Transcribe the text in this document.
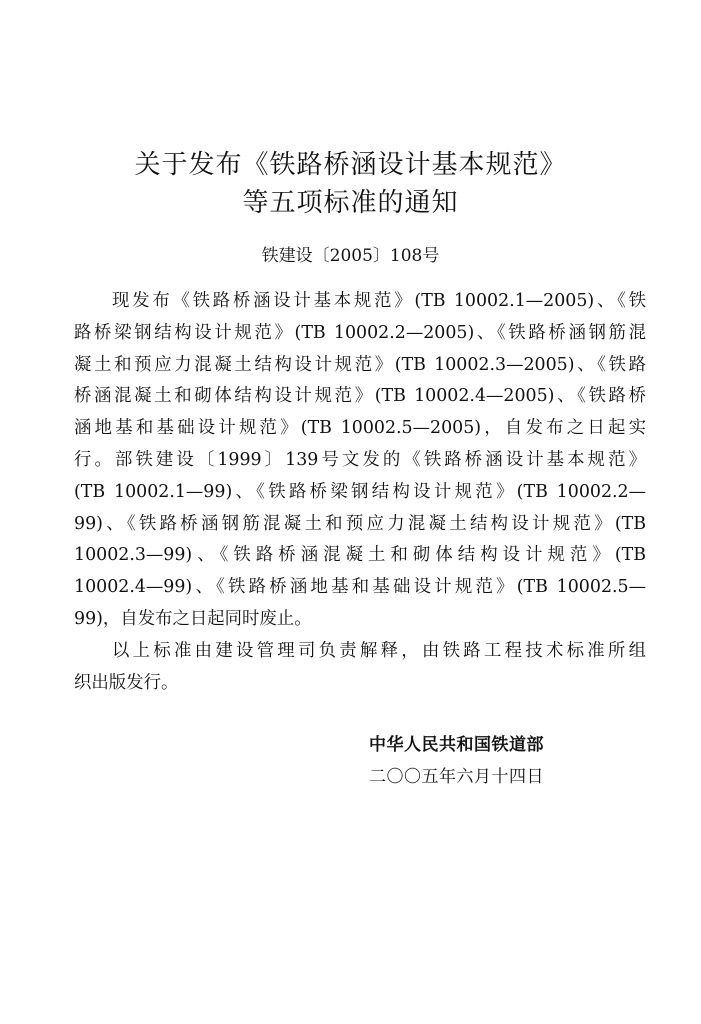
关于发布《铁路桥涵设计基本规范》
等五项标准的通知
铁建设〔2005〕108号

现发布《铁路桥涵设计基本规范》(TB 10002.1—2005)、《铁
路桥梁钢结构设计规范》(TB 10002.2—2005)、《铁路桥涵钢筋混
凝土和预应力混凝土结构设计规范》(TB 10002.3—2005)、《铁路
桥涵混凝土和砌体结构设计规范》(TB 10002.4—2005)、《铁路桥
涵地基和基础设计规范》(TB 10002.5—2005)，自发布之日起实
行。部铁建设〔1999〕139号文发的《铁路桥涵设计基本规范》
(TB 10002.1—99)、《铁路桥梁钢结构设计规范》(TB 10002.2—
99)、《铁路桥涵钢筋混凝土和预应力混凝土结构设计规范》(TB
10002.3—99)、《铁路桥涵混凝土和砌体结构设计规范》(TB
10002.4—99)、《铁路桥涵地基和基础设计规范》(TB 10002.5—
99)，自发布之日起同时废止。

以上标准由建设管理司负责解释，由铁路工程技术标准所组
织出版发行。

中华人民共和国铁道部
二〇〇五年六月十四日
